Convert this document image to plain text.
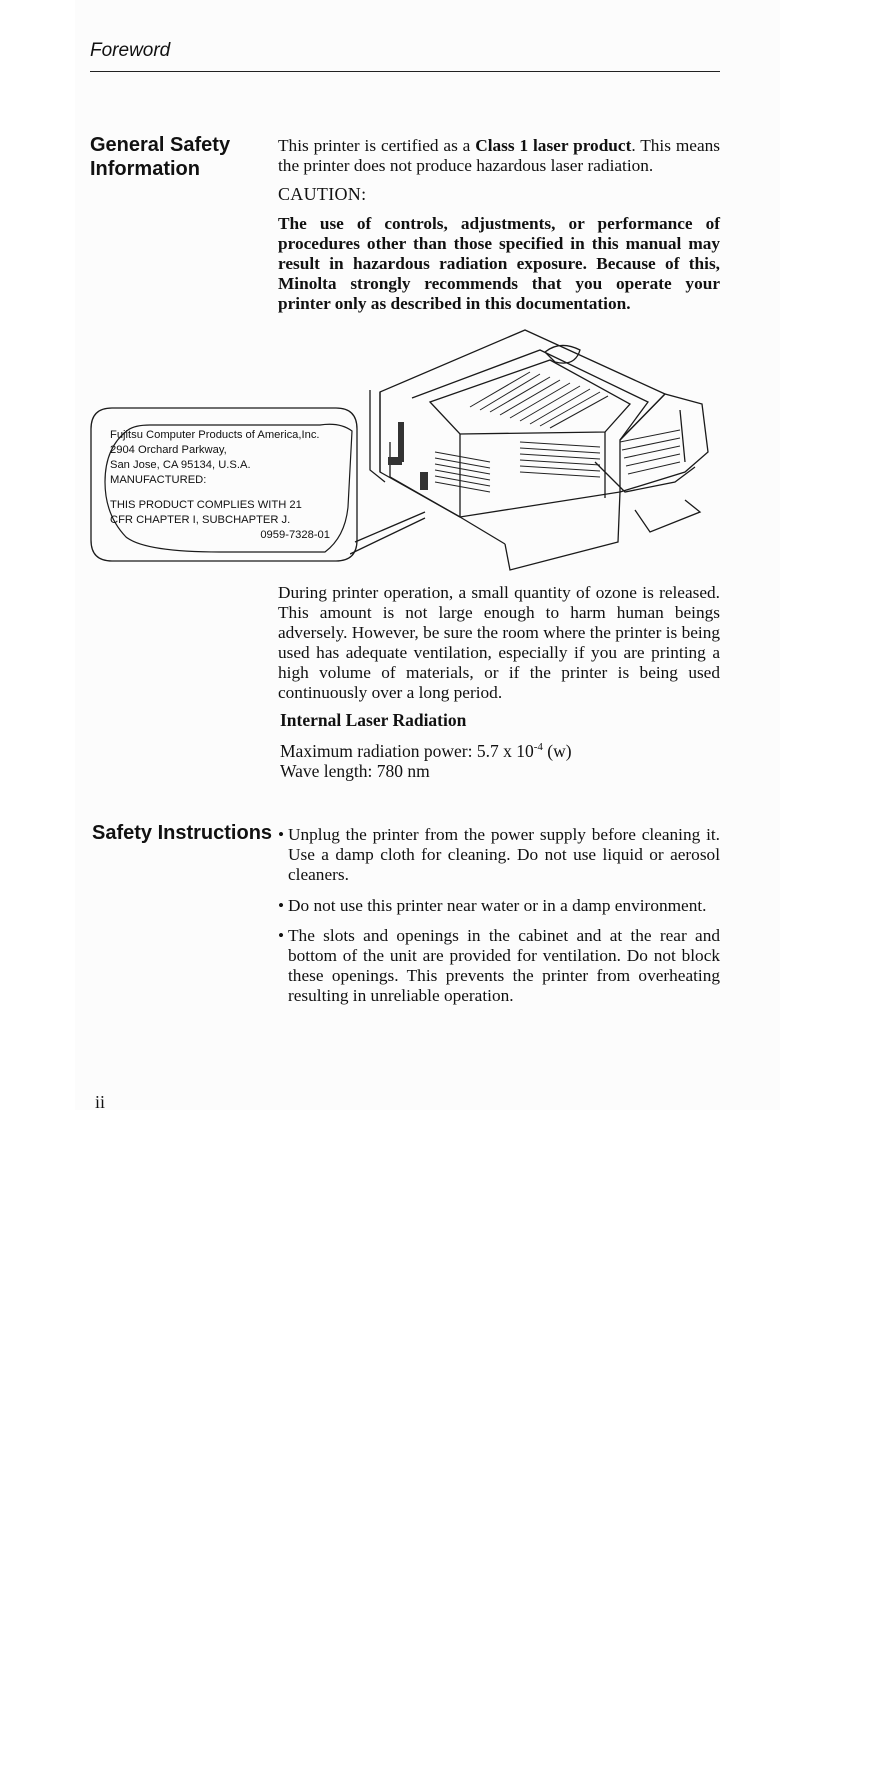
Foreword
General Safety
Information

This printer is certified as a Class 1 laser product. This means the printer does not produce hazardous laser radiation.

CAUTION:

The use of controls, adjustments, or performance of procedures other than those specified in this manual may result in hazardous radiation exposure. Because of this, Minolta strongly recommends that you operate your printer only as described in this documentation.

Fujitsu Computer Products of America,Inc.
2904 Orchard Parkway,
San Jose, CA 95134, U.S.A.
MANUFACTURED:
THIS PRODUCT COMPLIES WITH 21
CFR CHAPTER I, SUBCHAPTER J.
0959-7328-01

During printer operation, a small quantity of ozone is released. This amount is not large enough to harm human beings adversely. However, be sure the room where the printer is being used has adequate ventilation, especially if you are printing a high volume of materials, or if the printer is being used continuously over a long period.

Internal Laser Radiation
Maximum radiation power: 5.7 x $10^{-4}$ (w)
Wave length: 780 nm
Safety Instructions • Unplug the printer from the power supply before cleaning it. Use a damp cloth for cleaning. Do not use liquid or aerosol cleaners.
• Do not use this printer near water or in a damp environment.
• The slots and openings in the cabinet and at the rear and bottom of the unit are provided for ventilation. Do not block these openings. This prevents the printer from overheating resulting in unreliable operation.
ii
